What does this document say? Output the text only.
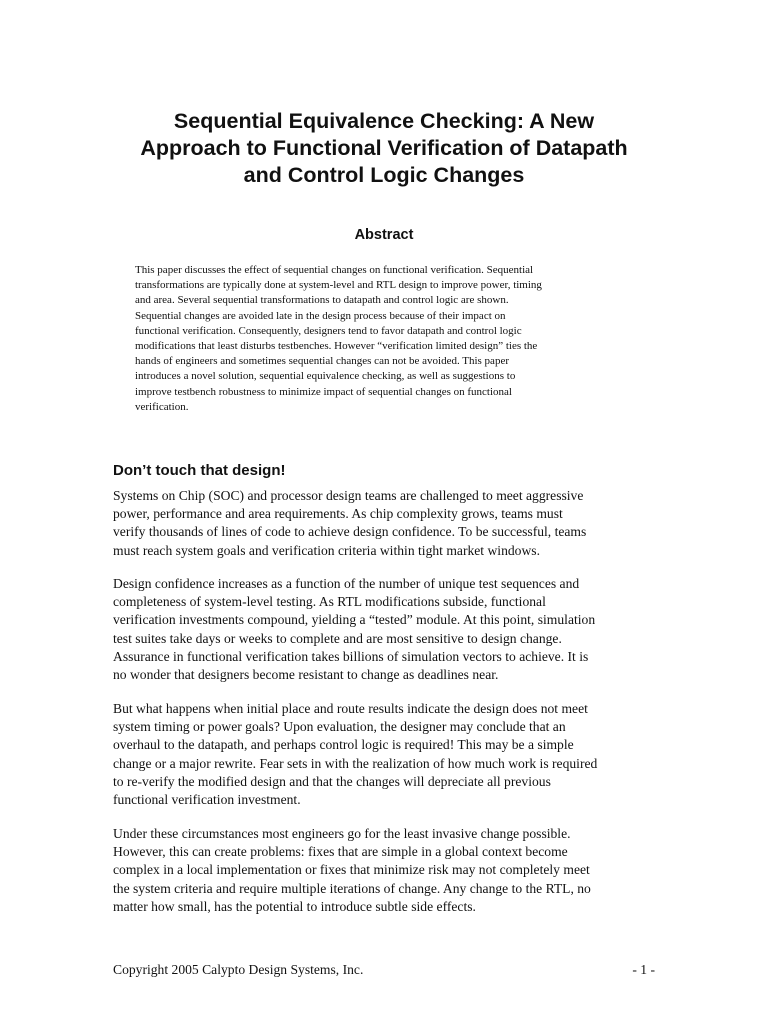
Sequential Equivalence Checking: A New
Approach to Functional Verification of Datapath
and Control Logic Changes
Abstract

This paper discusses the effect of sequential changes on functional verification. Sequential
transformations are typically done at system-level and RTL design to improve power, timing
and area. Several sequential transformations to datapath and control logic are shown.
Sequential changes are avoided late in the design process because of their impact on
functional verification. Consequently, designers tend to favor datapath and control logic
modifications that least disturbs testbenches. However “verification limited design” ties the
hands of engineers and sometimes sequential changes can not be avoided. This paper
introduces a novel solution, sequential equivalence checking, as well as suggestions to
improve testbench robustness to minimize impact of sequential changes on functional
verification.

Don’t touch that design!

Systems on Chip (SOC) and processor design teams are challenged to meet aggressive
power, performance and area requirements. As chip complexity grows, teams must
verify thousands of lines of code to achieve design confidence. To be successful, teams
must reach system goals and verification criteria within tight market windows.

Design confidence increases as a function of the number of unique test sequences and
completeness of system-level testing. As RTL modifications subside, functional
verification investments compound, yielding a “tested” module. At this point, simulation
test suites take days or weeks to complete and are most sensitive to design change.
Assurance in functional verification takes billions of simulation vectors to achieve. It is
no wonder that designers become resistant to change as deadlines near.

But what happens when initial place and route results indicate the design does not meet
system timing or power goals? Upon evaluation, the designer may conclude that an
overhaul to the datapath, and perhaps control logic is required! This may be a simple
change or a major rewrite. Fear sets in with the realization of how much work is required
to re-verify the modified design and that the changes will depreciate all previous
functional verification investment.

Under these circumstances most engineers go for the least invasive change possible.
However, this can create problems: fixes that are simple in a global context become
complex in a local implementation or fixes that minimize risk may not completely meet
the system criteria and require multiple iterations of change. Any change to the RTL, no
matter how small, has the potential to introduce subtle side effects.

Copyright 2005 Calypto Design Systems, Inc.	- 1 -
